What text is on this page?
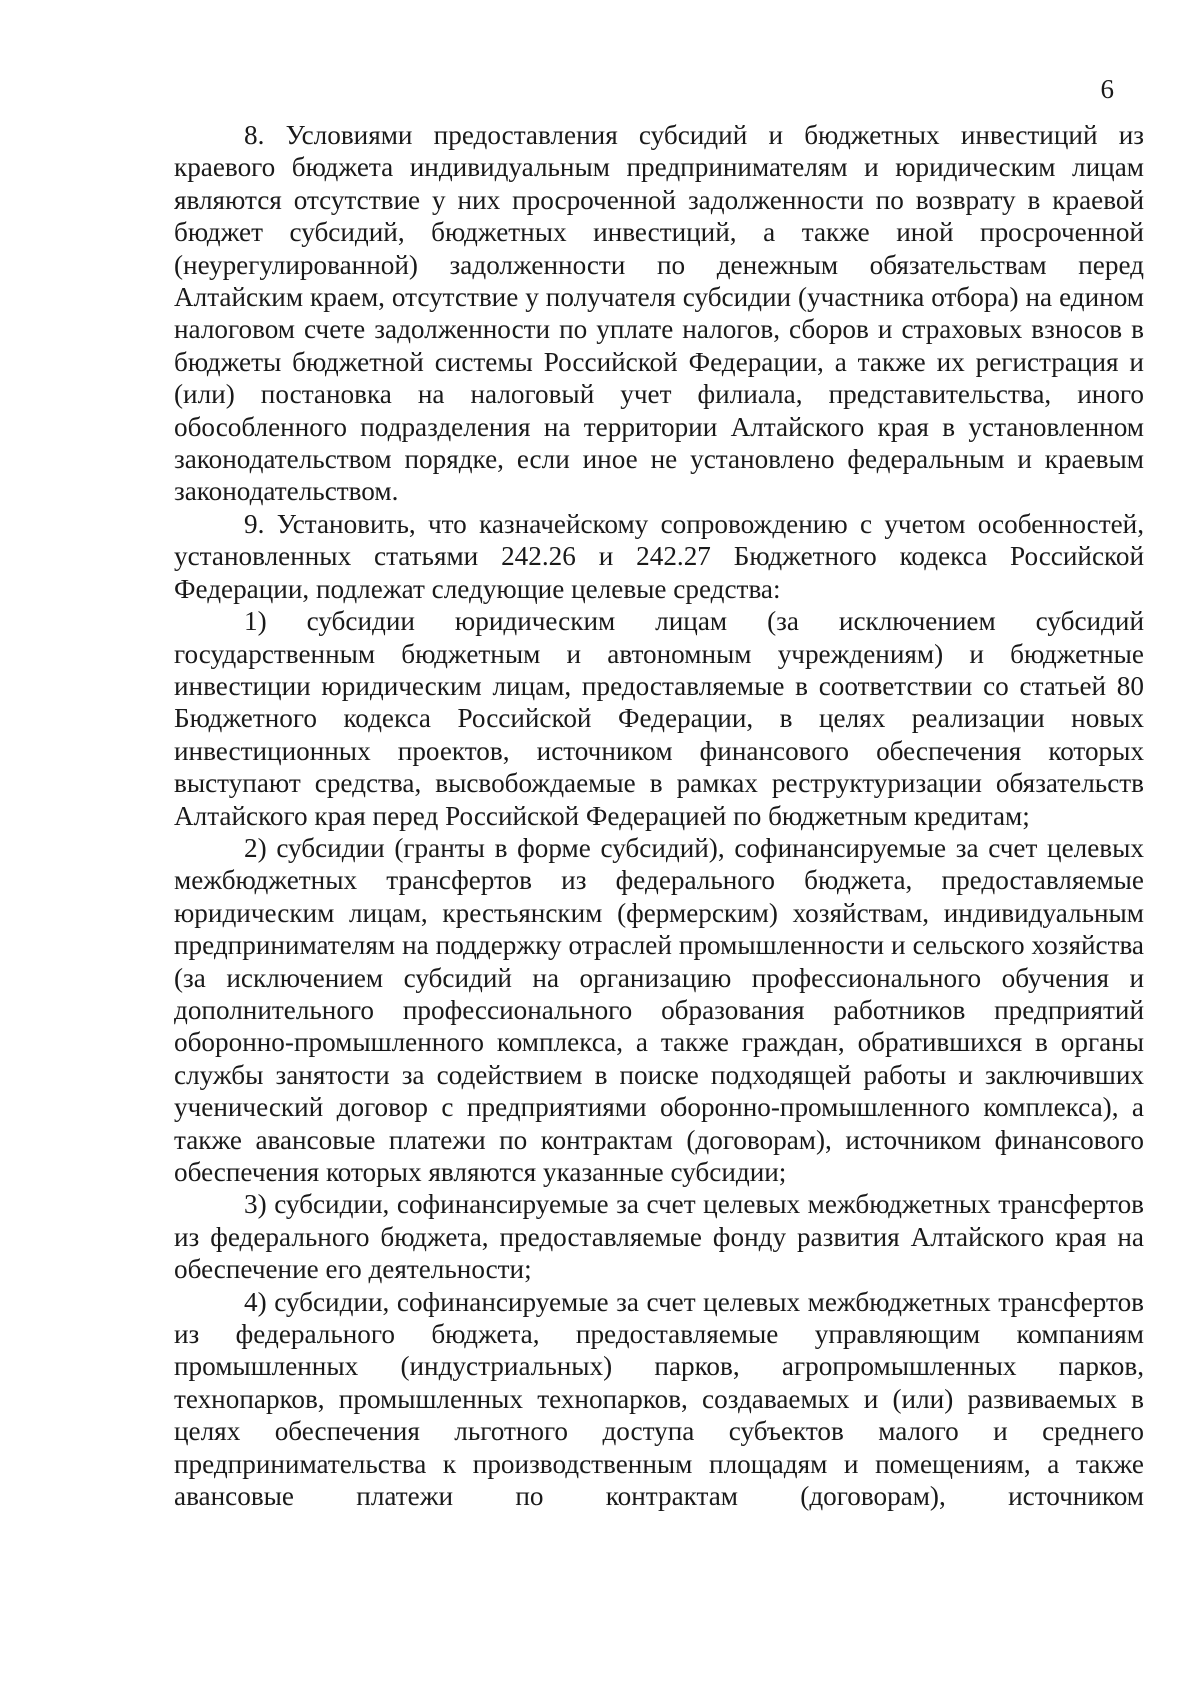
6

8. Условиями предоставления субсидий и бюджетных инвестиций из краевого бюджета индивидуальным предпринимателям и юридическим лицам являются отсутствие у них просроченной задолженности по возврату в краевой бюджет субсидий, бюджетных инвестиций, а также иной просроченной (неурегулированной) задолженности по денежным обязательствам перед Алтайским краем, отсутствие у получателя субсидии (участника отбора) на едином налоговом счете задолженности по уплате налогов, сборов и страховых взносов в бюджеты бюджетной системы Российской Федерации, а также их регистрация и (или) постановка на налоговый учет филиала, представительства, иного обособленного подразделения на территории Алтайского края в установленном законодательством порядке, если иное не установлено федеральным и краевым законодательством.

9. Установить, что казначейскому сопровождению с учетом особенностей, установленных статьями 242.26 и 242.27 Бюджетного кодекса Российской Федерации, подлежат следующие целевые средства:

1) субсидии юридическим лицам (за исключением субсидий государственным бюджетным и автономным учреждениям) и бюджетные инвестиции юридическим лицам, предоставляемые в соответствии со статьей 80 Бюджетного кодекса Российской Федерации, в целях реализации новых инвестиционных проектов, источником финансового обеспечения которых выступают средства, высвобождаемые в рамках реструктуризации обязательств Алтайского края перед Российской Федерацией по бюджетным кредитам;

2) субсидии (гранты в форме субсидий), софинансируемые за счет целевых межбюджетных трансфертов из федерального бюджета, предоставляемые юридическим лицам, крестьянским (фермерским) хозяйствам, индивидуальным предпринимателям на поддержку отраслей промышленности и сельского хозяйства (за исключением субсидий на организацию профессионального обучения и дополнительного профессионального образования работников предприятий оборонно-промышленного комплекса, а также граждан, обратившихся в органы службы занятости за содействием в поиске подходящей работы и заключивших ученический договор с предприятиями оборонно-промышленного комплекса), а также авансовые платежи по контрактам (договорам), источником финансового обеспечения которых являются указанные субсидии;

3) субсидии, софинансируемые за счет целевых межбюджетных трансфертов из федерального бюджета, предоставляемые фонду развития Алтайского края на обеспечение его деятельности;

4) субсидии, софинансируемые за счет целевых межбюджетных трансфертов из федерального бюджета, предоставляемые управляющим компаниям промышленных (индустриальных) парков, агропромышленных парков, технопарков, промышленных технопарков, создаваемых и (или) развиваемых в целях обеспечения льготного доступа субъектов малого и среднего предпринимательства к производственным площадям и помещениям, а также авансовые платежи по контрактам (договорам), источником
